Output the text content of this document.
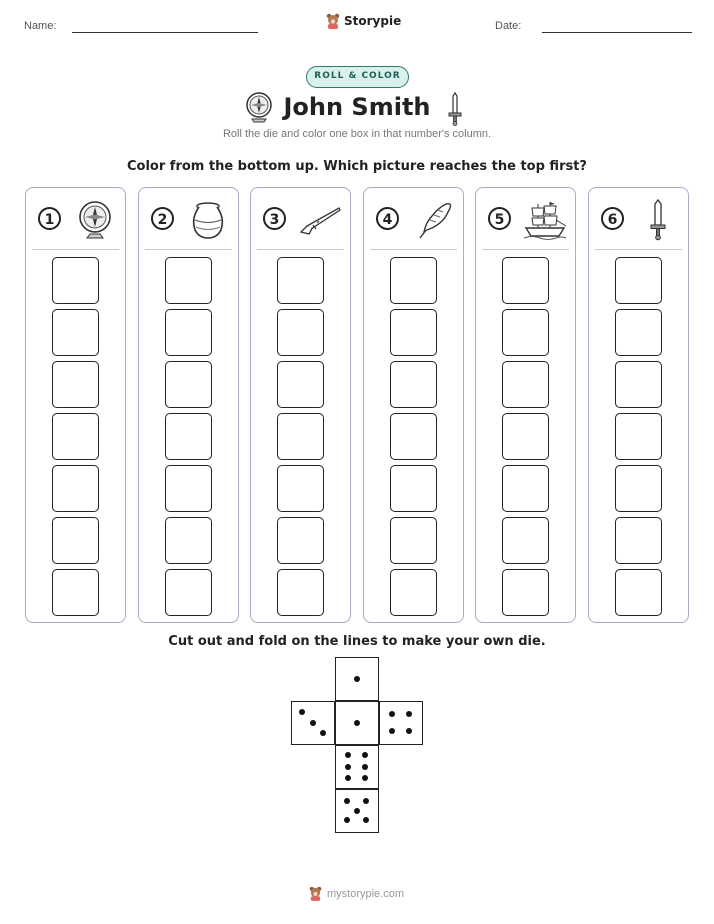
Name:	Date:
Storypie
ROLL & COLOR
John Smith
Roll the die and color one box in that number's column.
Color from the bottom up. Which picture reaches the top first?
1	2	3	4	5	6
Cut out and fold on the lines to make your own die.
mystorypie.com
